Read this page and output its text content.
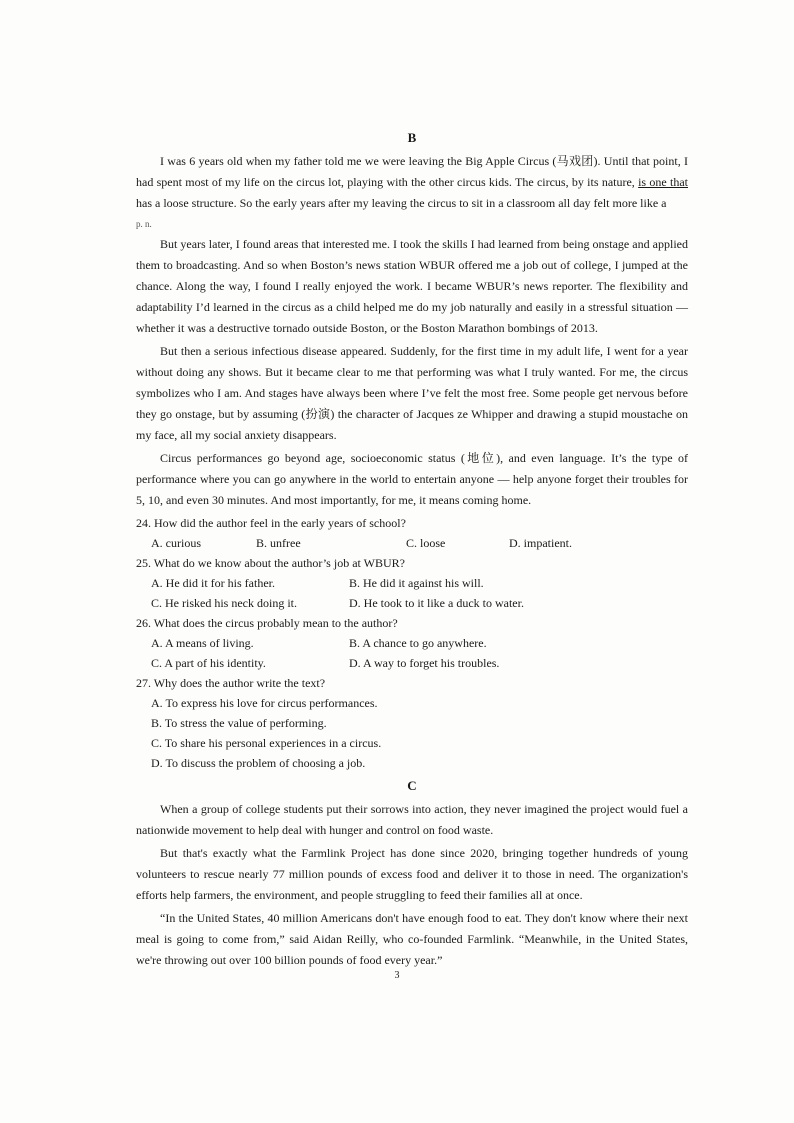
B

I was 6 years old when my father told me we were leaving the Big Apple Circus (马戏团). Until that point, I had spent most of my life on the circus lot, playing with the other circus kids. The circus, by its nature, is one that has a loose structure. So the early years after my leaving the circus to sit in a classroom all day felt more like a

p. n.

But years later, I found areas that interested me. I took the skills I had learned from being onstage and applied them to broadcasting. And so when Boston’s news station WBUR offered me a job out of college, I jumped at the chance. Along the way, I found I really enjoyed the work. I became WBUR’s news reporter. The flexibility and adaptability I’d learned in the circus as a child helped me do my job naturally and easily in a stressful situation — whether it was a destructive tornado outside Boston, or the Boston Marathon bombings of 2013.

But then a serious infectious disease appeared. Suddenly, for the first time in my adult life, I went for a year without doing any shows. But it became clear to me that performing was what I truly wanted. For me, the circus symbolizes who I am. And stages have always been where I’ve felt the most free. Some people get nervous before they go onstage, but by assuming (扮演) the character of Jacques ze Whipper and drawing a stupid moustache on my face, all my social anxiety disappears.

Circus performances go beyond age, socioeconomic status (地位), and even language. It’s the type of performance where you can go anywhere in the world to entertain anyone — help anyone forget their troubles for 5, 10, and even 30 minutes. And most importantly, for me, it means coming home.

24. How did the author feel in the early years of school?

A. curious	B. unfree	C. loose	D. impatient.

25. What do we know about the author’s job at WBUR?

A. He did it for his father.	B. He did it against his will.
C. He risked his neck doing it.	D. He took to it like a duck to water.

26. What does the circus probably mean to the author?

A. A means of living.	B. A chance to go anywhere.
C. A part of his identity.	D. A way to forget his troubles.

27. Why does the author write the text?

A. To express his love for circus performances.

B. To stress the value of performing.

C. To share his personal experiences in a circus.

D. To discuss the problem of choosing a job.

C

When a group of college students put their sorrows into action, they never imagined the project would fuel a nationwide movement to help deal with hunger and control on food waste.

But that's exactly what the Farmlink Project has done since 2020, bringing together hundreds of young volunteers to rescue nearly 77 million pounds of excess food and deliver it to those in need. The organization's efforts help farmers, the environment, and people struggling to feed their families all at once.

“In the United States, 40 million Americans don't have enough food to eat. They don't know where their next meal is going to come from,” said Aidan Reilly, who co-founded Farmlink. “Meanwhile, in the United States, we're throwing out over 100 billion pounds of food every year.”

3
